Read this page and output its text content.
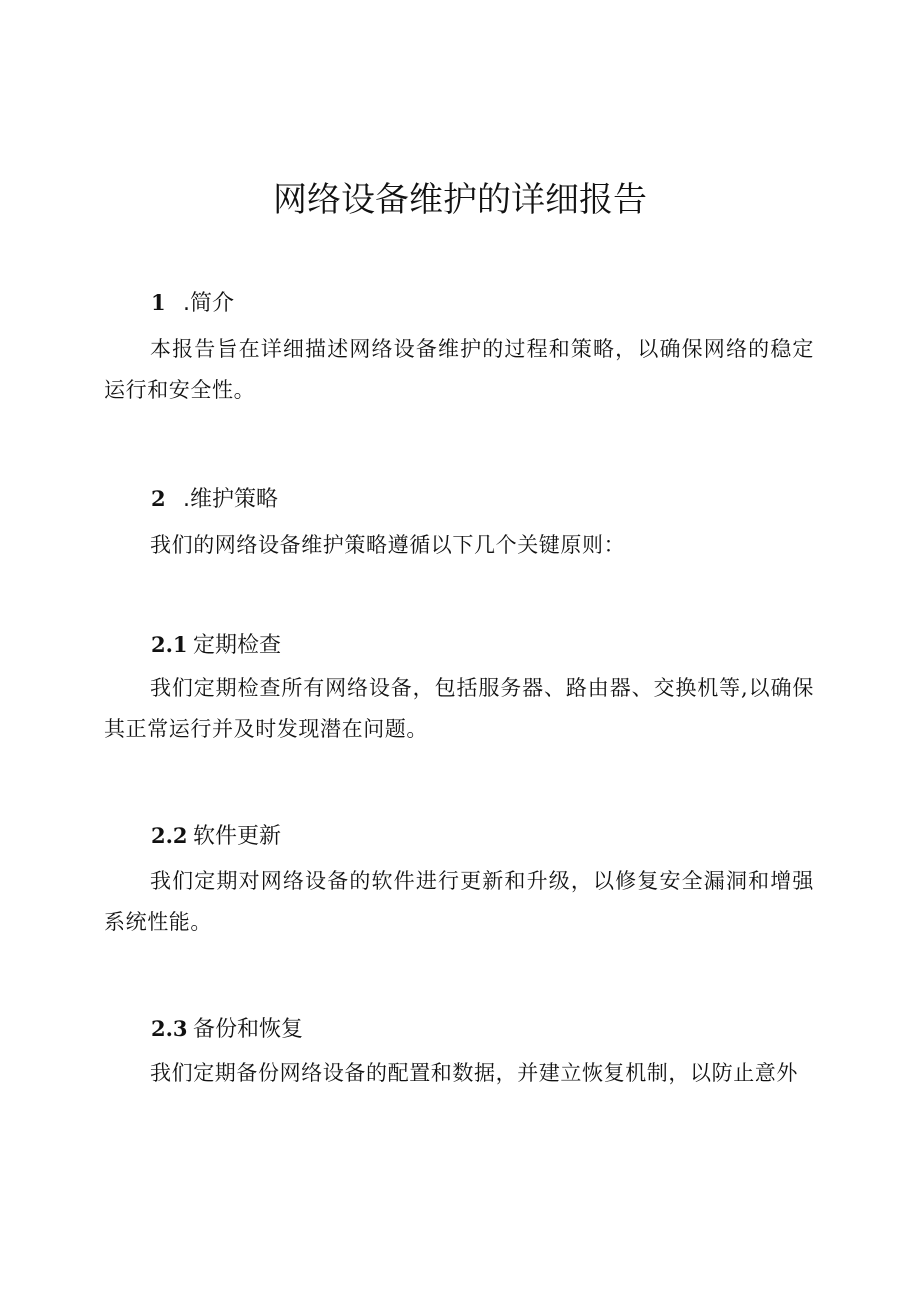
网络设备维护的详细报告
1 .简介

本报告旨在详细描述网络设备维护的过程和策略，以确保网络的稳定运行和安全性。

2 .维护策略

我们的网络设备维护策略遵循以下几个关键原则：

2.1 定期检查

我们定期检查所有网络设备，包括服务器、路由器、交换机等,以确保其正常运行并及时发现潜在问题。

2.2 软件更新

我们定期对网络设备的软件进行更新和升级，以修复安全漏洞和增强系统性能。

2.3 备份和恢复

我们定期备份网络设备的配置和数据，并建立恢复机制，以防止意外
